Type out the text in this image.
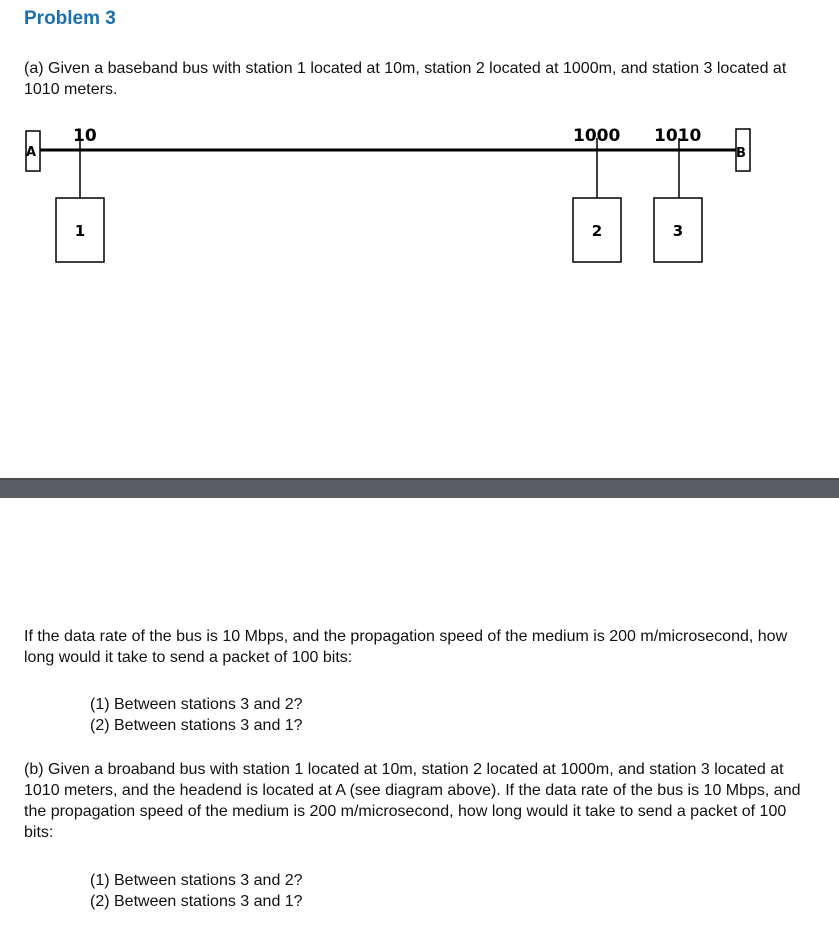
Problem 3

(a) Given a baseband bus with station 1 located at 10m, station 2 located at 1000m, and station 3 located at 1010 meters.

A	B
10	1000 1010
1	2	3

If the data rate of the bus is 10 Mbps, and the propagation speed of the medium is 200 m/microsecond, how long would it take to send a packet of 100 bits:

(1) Between stations 3 and 2?
(2) Between stations 3 and 1?

(b) Given a broaband bus with station 1 located at 10m, station 2 located at 1000m, and station 3 located at 1010 meters, and the headend is located at A (see diagram above). If the data rate of the bus is 10 Mbps, and the propagation speed of the medium is 200 m/microsecond, how long would it take to send a packet of 100 bits:

(1) Between stations 3 and 2?
(2) Between stations 3 and 1?
